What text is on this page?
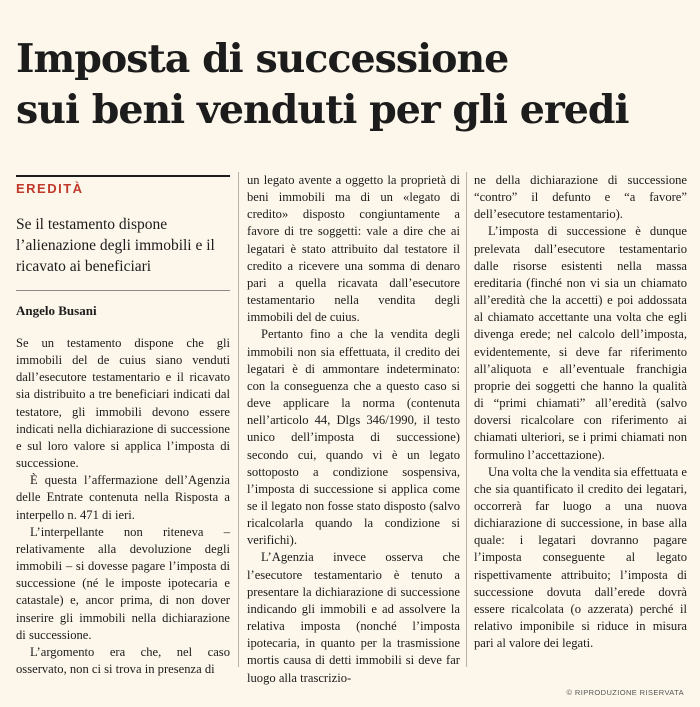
Imposta di successione
sui beni venduti per gli eredi
EREDITÀ

Se il testamento dispone l’alienazione degli immobili e il ricavato ai beneficiari

Angelo Busani

Se un testamento dispone che gli immobili del de cuius siano venduti dall’esecutore testamentario e il ricavato sia distribuito a tre beneficiari indicati dal testatore, gli immobili devono essere indicati nella dichiarazione di successione e sul loro valore si applica l’imposta di successione.

È questa l’affermazione dell’Agenzia delle Entrate contenuta nella Risposta a interpello n. 471 di ieri.

L’interpellante non riteneva – relativamente alla devoluzione degli immobili – si dovesse pagare l’imposta di successione (né le imposte ipotecaria e catastale) e, ancor prima, di non dover inserire gli immobili nella dichiarazione di successione.

L’argomento era che, nel caso osservato, non ci si trova in presenza di

un legato avente a oggetto la proprietà di beni immobili ma di un «legato di credito» disposto congiuntamente a favore di tre soggetti: vale a dire che ai legatari è stato attribuito dal testatore il credito a ricevere una somma di denaro pari a quella ricavata dall’esecutore testamentario nella vendita degli immobili del de cuius.

Pertanto fino a che la vendita degli immobili non sia effettuata, il credito dei legatari è di ammontare indeterminato: con la conseguenza che a questo caso si deve applicare la norma (contenuta nell’articolo 44, Dlgs 346/1990, il testo unico dell’imposta di successione) secondo cui, quando vi è un legato sottoposto a condizione sospensiva, l’imposta di successione si applica come se il legato non fosse stato disposto (salvo ricalcolarla quando la condizione si verifichi).

L’Agenzia invece osserva che l’esecutore testamentario è tenuto a presentare la dichiarazione di successione indicando gli immobili e ad assolvere la relativa imposta (nonché l’imposta ipotecaria, in quanto per la trasmissione mortis causa di detti immobili si deve far luogo alla trascrizio-

ne della dichiarazione di successione “contro” il defunto e “a favore” dell’esecutore testamentario).

L’imposta di successione è dunque prelevata dall’esecutore testamentario dalle risorse esistenti nella massa ereditaria (finché non vi sia un chiamato all’eredità che la accetti) e poi addossata al chiamato accettante una volta che egli divenga erede; nel calcolo dell’imposta, evidentemente, si deve far riferimento all’aliquota e all’eventuale franchigia proprie dei soggetti che hanno la qualità di “primi chiamati” all’eredità (salvo doversi ricalcolare con riferimento ai chiamati ulteriori, se i primi chiamati non formulino l’accettazione).

Una volta che la vendita sia effettuata e che sia quantificato il credito dei legatari, occorrerà far luogo a una nuova dichiarazione di successione, in base alla quale: i legatari dovranno pagare l’imposta conseguente al legato rispettivamente attribuito; l’imposta di successione dovuta dall’erede dovrà essere ricalcolata (o azzerata) perché il relativo imponibile si riduce in misura pari al valore dei legati.

© RIPRODUZIONE RISERVATA
